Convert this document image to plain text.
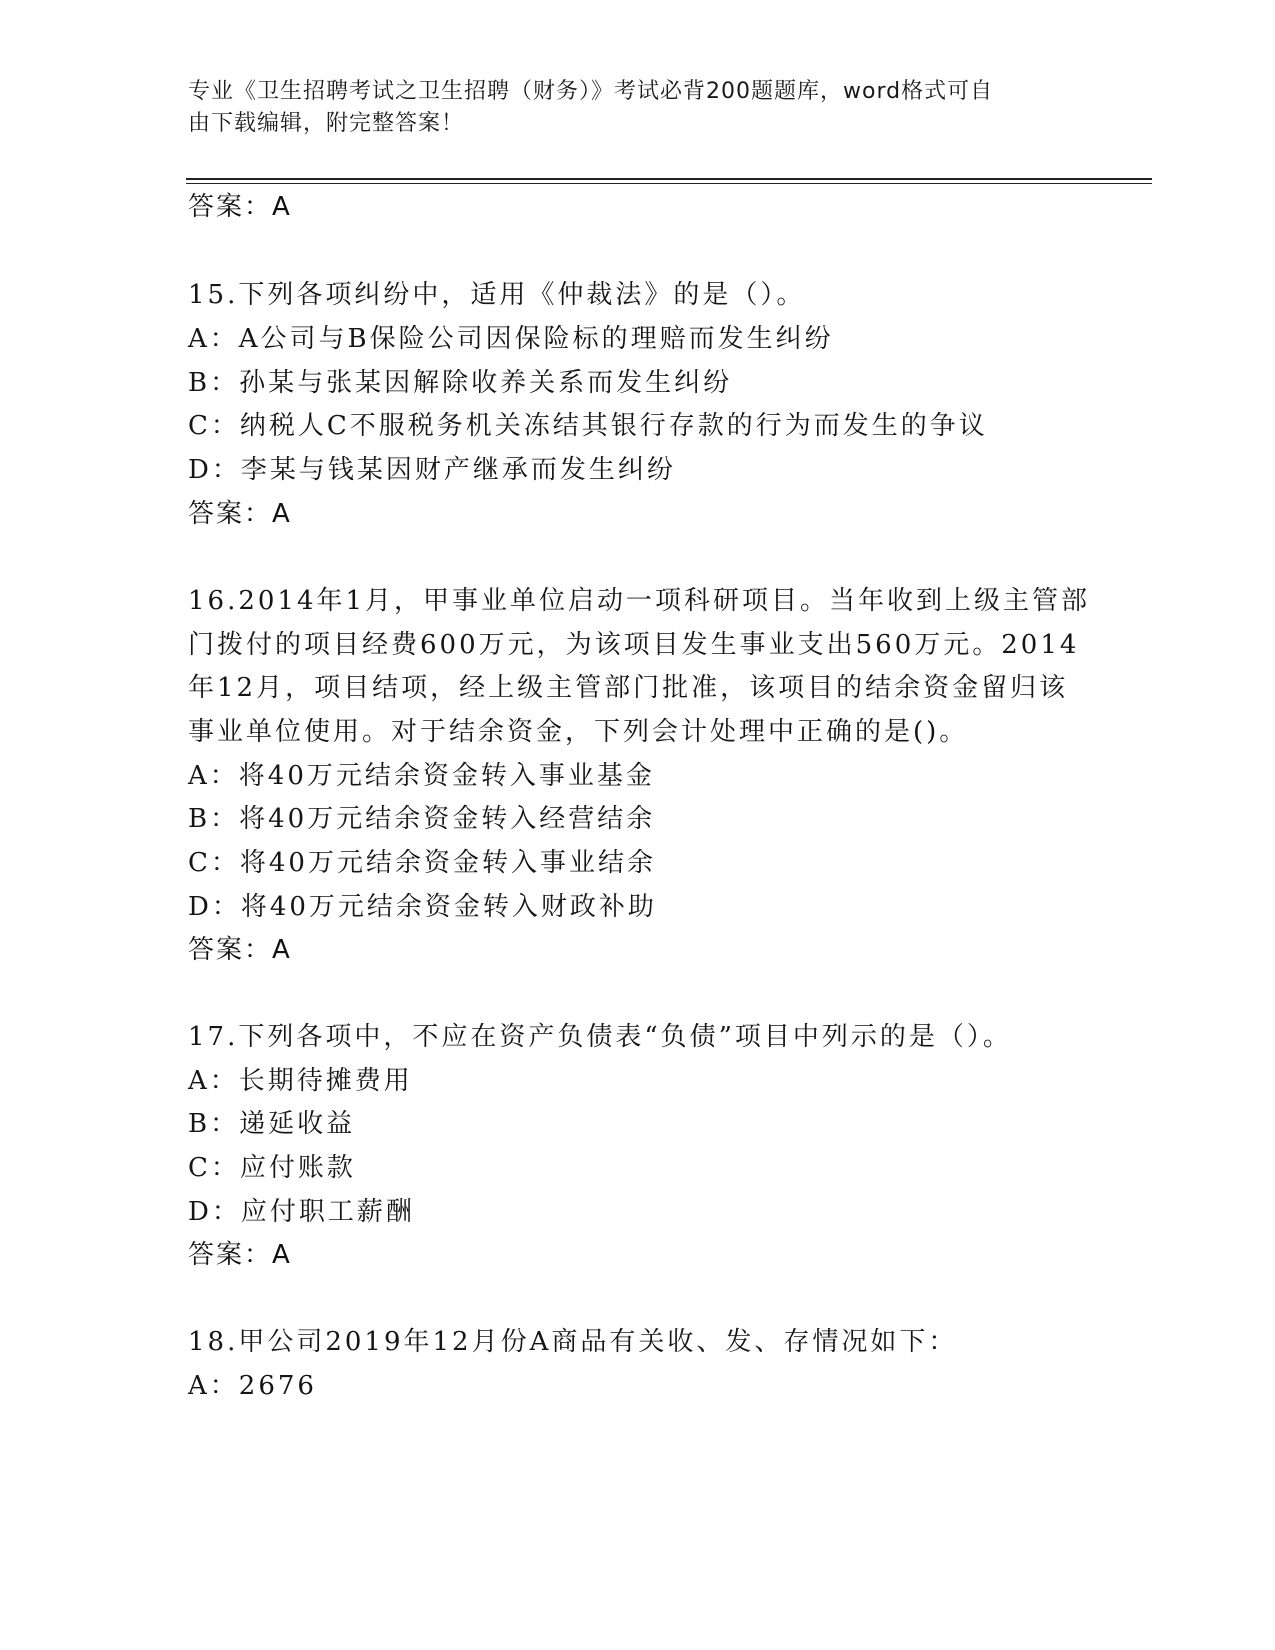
专业《卫生招聘考试之卫生招聘（财务）》考试必背200题题库，word格式可自
由下载编辑，附完整答案！
答案：A
15.下列各项纠纷中，适用《仲裁法》的是（）。
A：A公司与B保险公司因保险标的理赔而发生纠纷
B：孙某与张某因解除收养关系而发生纠纷
C：纳税人C不服税务机关冻结其银行存款的行为而发生的争议
D：李某与钱某因财产继承而发生纠纷
答案：A
16.2014年1月，甲事业单位启动一项科研项目。当年收到上级主管部
门拨付的项目经费600万元，为该项目发生事业支出560万元。2014
年12月，项目结项，经上级主管部门批准，该项目的结余资金留归该
事业单位使用。对于结余资金，下列会计处理中正确的是()。
A：将40万元结余资金转入事业基金
B：将40万元结余资金转入经营结余
C：将40万元结余资金转入事业结余
D：将40万元结余资金转入财政补助
答案：A
17.下列各项中，不应在资产负债表“负债”项目中列示的是（）。
A：长期待摊费用
B：递延收益
C：应付账款
D：应付职工薪酬
答案：A
18.甲公司2019年12月份A商品有关收、发、存情况如下：
A：2676
